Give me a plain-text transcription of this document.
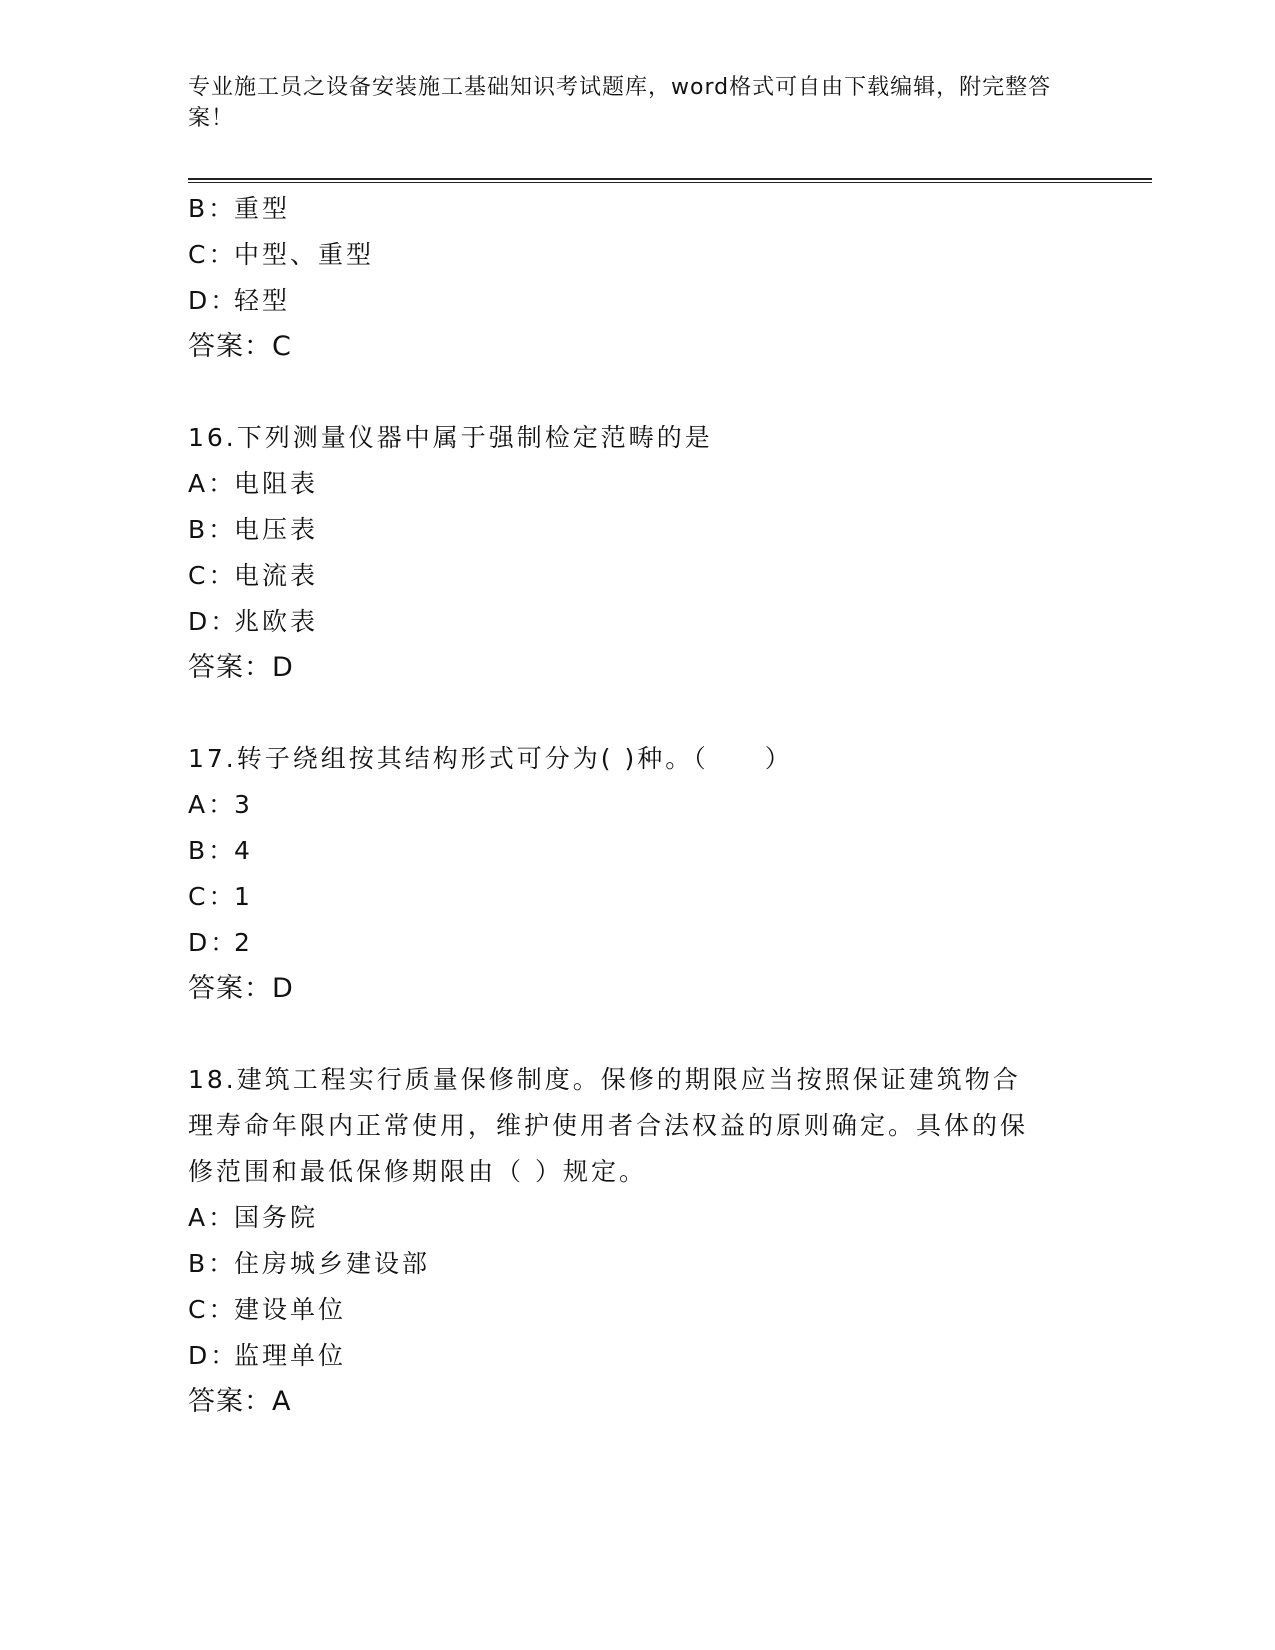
专业施工员之设备安装施工基础知识考试题库，word格式可自由下载编辑，附完整答案！
B：重型
C：中型、重型
D：轻型
答案：C
16.下列测量仪器中属于强制检定范畴的是
A：电阻表
B：电压表
C：电流表
D：兆欧表
答案：D
17.转子绕组按其结构形式可分为( )种。（　　）
A：3
B：4
C：1
D：2
答案：D
18.建筑工程实行质量保修制度。保修的期限应当按照保证建筑物合理寿命年限内正常使用，维护使用者合法权益的原则确定。具体的保修范围和最低保修期限由（ ）规定。
A：国务院
B：住房城乡建设部
C：建设单位
D：监理单位
答案：A
